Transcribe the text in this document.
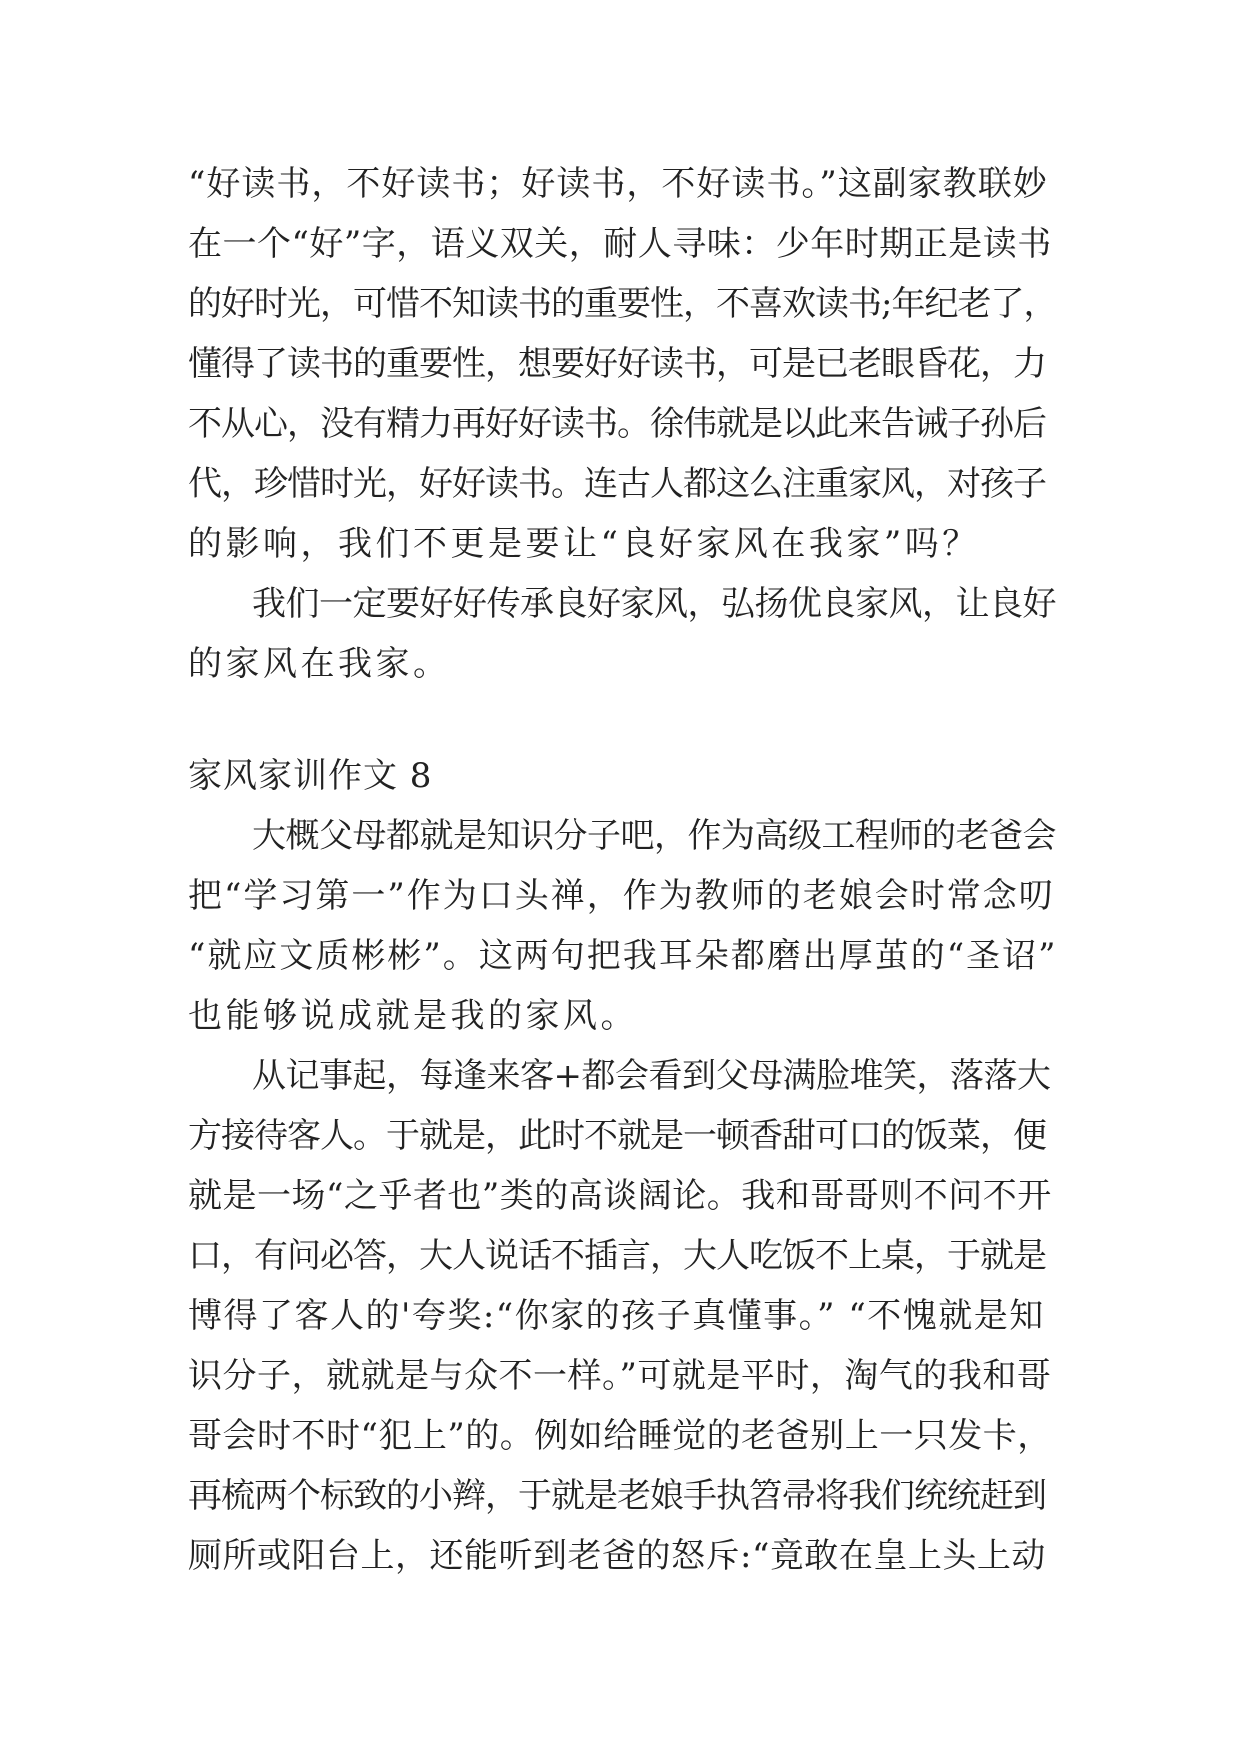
“好读书，不好读书；好读书，不好读书。”这副家教联妙
在一个“好”字，语义双关，耐人寻味：少年时期正是读书
的好时光，可惜不知读书的重要性，不喜欢读书;年纪老了，
懂得了读书的重要性，想要好好读书，可是已老眼昏花，力
不从心，没有精力再好好读书。徐伟就是以此来告诫子孙后
代，珍惜时光，好好读书。连古人都这么注重家风，对孩子
的影响，我们不更是要让“良好家风在我家”吗？
我们一定要好好传承良好家风，弘扬优良家风，让良好
的家风在我家。
家风家训作文 8
大概父母都就是知识分子吧，作为高级工程师的老爸会
把“学习第一”作为口头禅，作为教师的老娘会时常念叨
“就应文质彬彬”。这两句把我耳朵都磨出厚茧的“圣诏”
也能够说成就是我的家风。
从记事起，每逢来客+都会看到父母满脸堆笑，落落大
方接待客人。于就是，此时不就是一顿香甜可口的饭菜，便
就是一场“之乎者也”类的高谈阔论。我和哥哥则不问不开
口，有问必答，大人说话不插言，大人吃饭不上桌，于就是
博得了客人的'夸奖:“你家的孩子真懂事。” “不愧就是知
识分子，就就是与众不一样。”可就是平时，淘气的我和哥
哥会时不时“犯上”的。例如给睡觉的老爸别上一只发卡，
再梳两个标致的小辫，于就是老娘手执笤帚将我们统统赶到
厕所或阳台上，还能听到老爸的怒斥:“竟敢在皇上头上动
